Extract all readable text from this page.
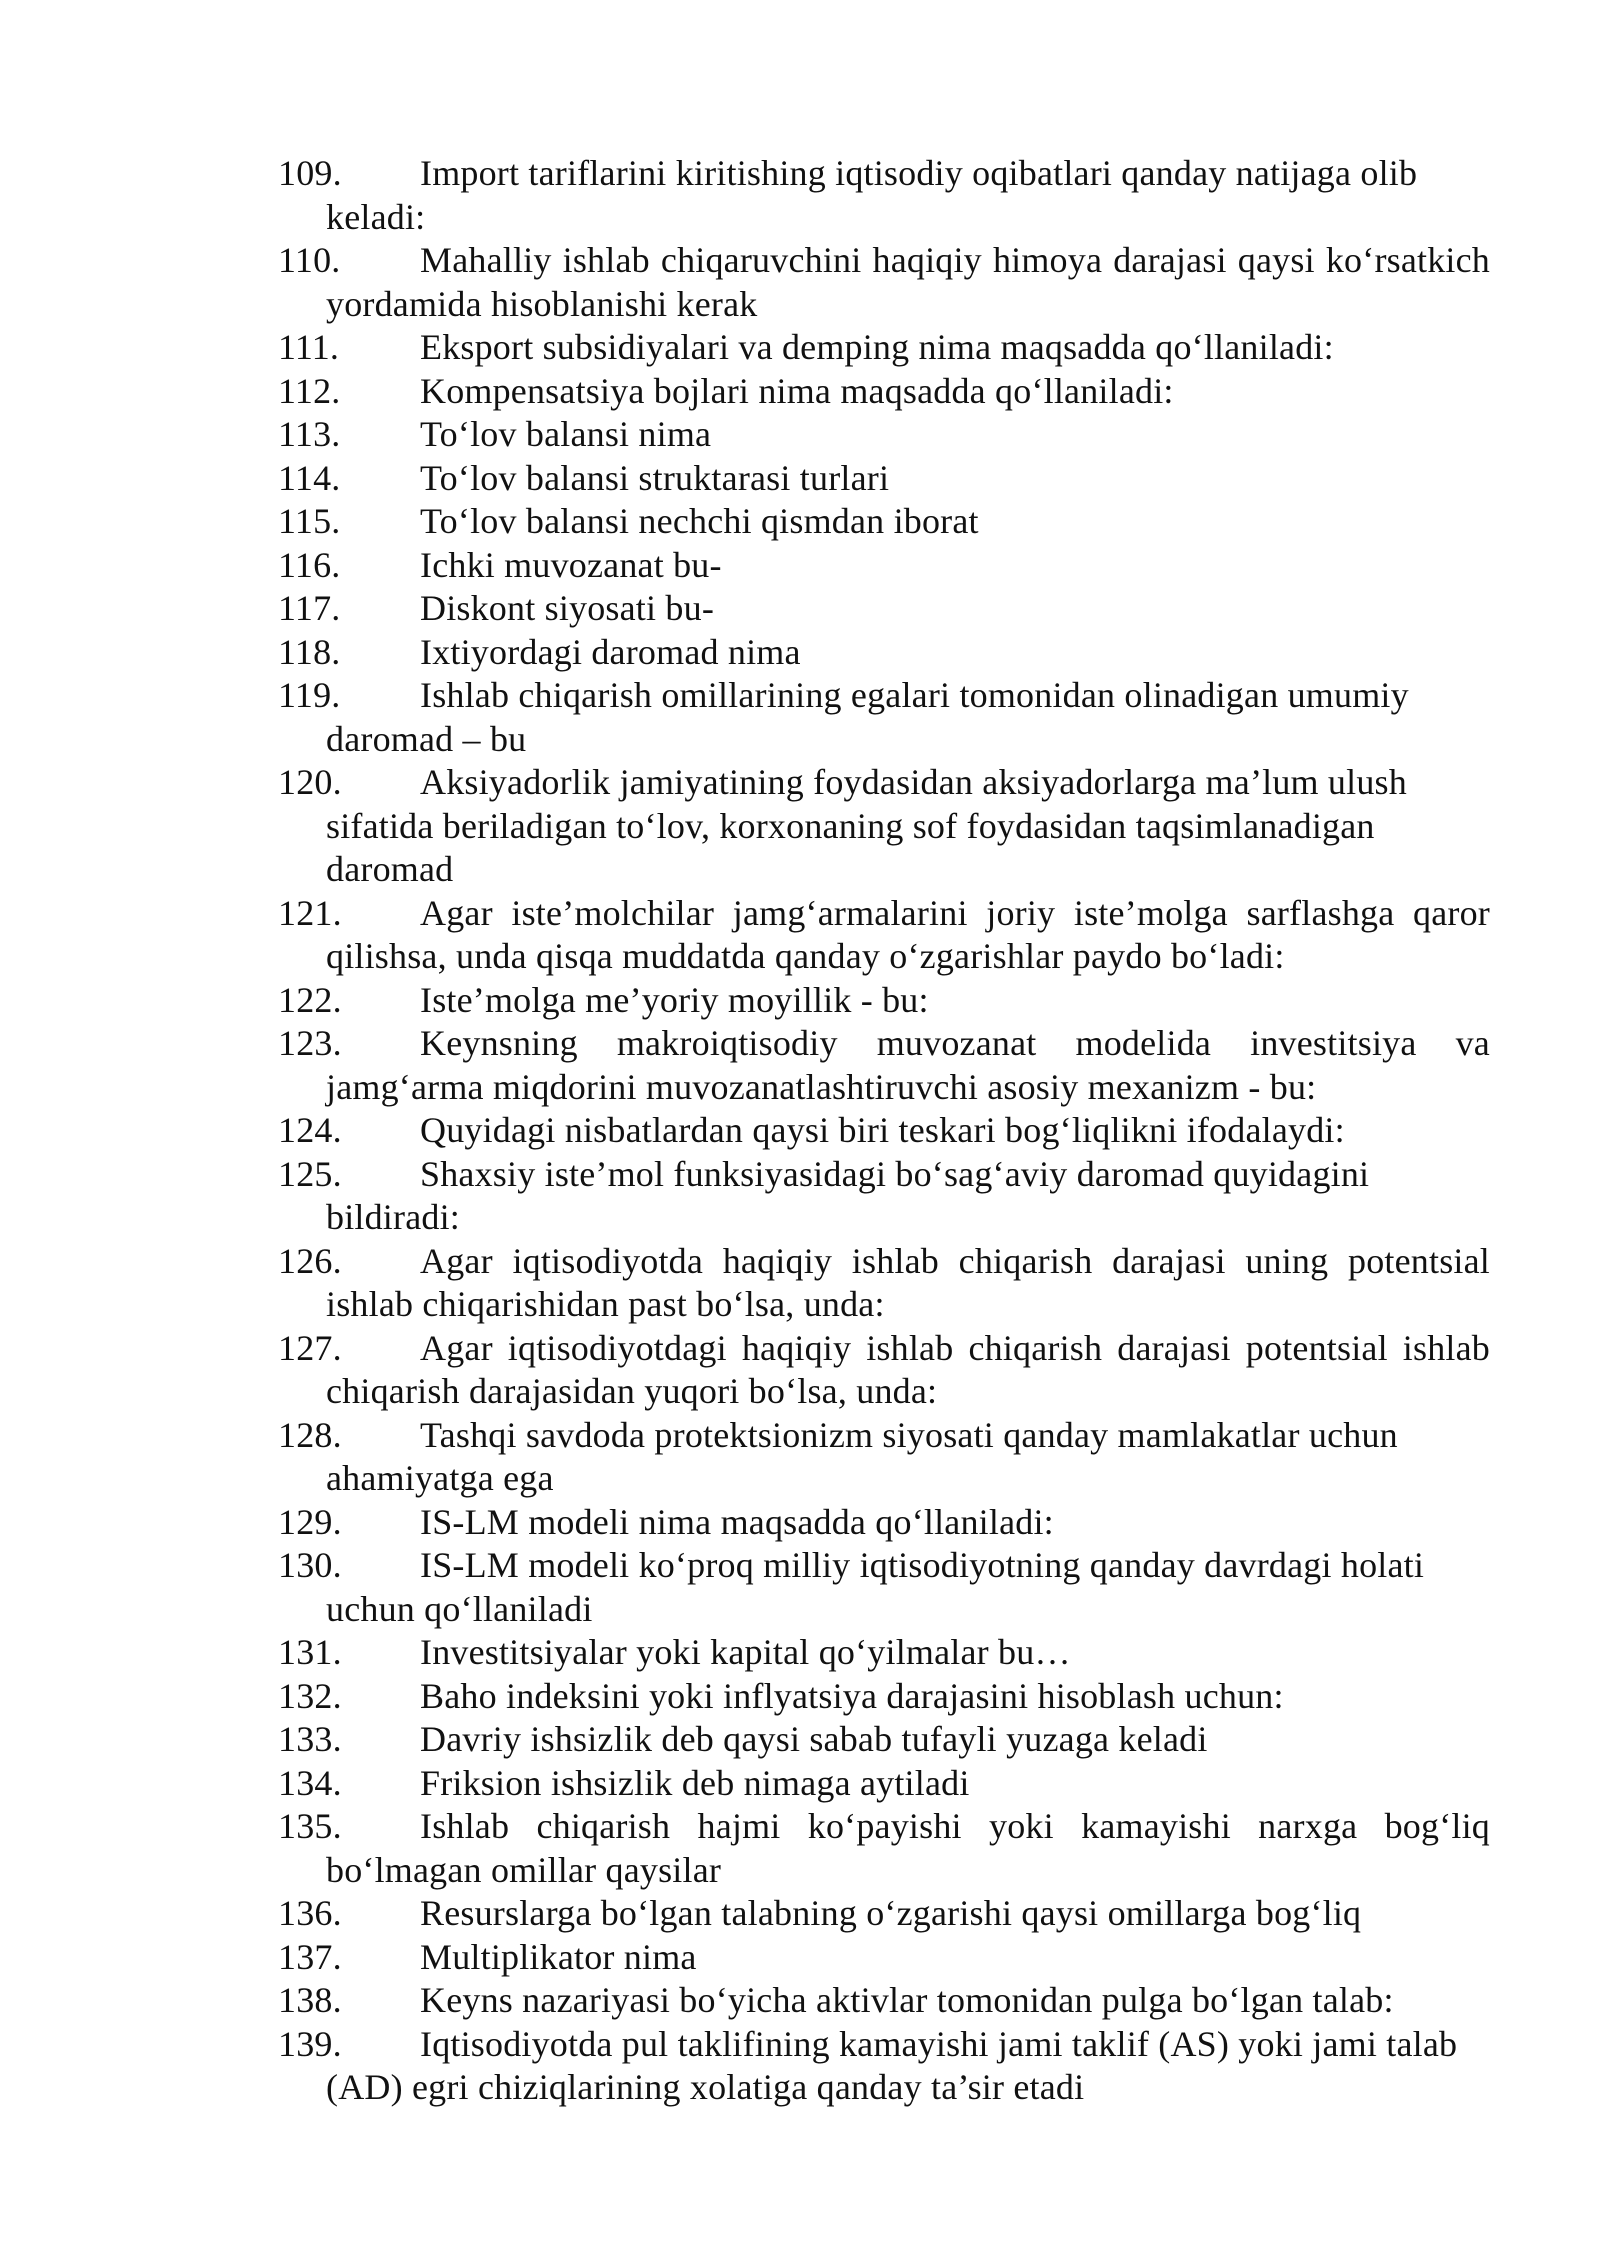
109.	Import tariflarini kiritishing iqtisodiy oqibatlari qanday natijaga olib keladi:
110.	Mahalliy ishlab chiqaruvchini haqiqiy himoya darajasi qaysi ko‘rsatkich yordamida hisoblanishi kerak
111.	Eksport subsidiyalari va demping nima maqsadda qo‘llaniladi:
112.	Kompensatsiya bojlari nima maqsadda qo‘llaniladi:
113.	To‘lov balansi nima
114.	To‘lov balansi struktarasi turlari
115.	To‘lov balansi nechchi qismdan iborat
116.	Ichki muvozanat bu-
117.	Diskont siyosati bu-
118.	Ixtiyordagi daromad nima
119.	Ishlab chiqarish omillarining egalari tomonidan olinadigan umumiy daromad – bu
120.	Aksiyadorlik jamiyatining foydasidan aksiyadorlarga ma’lum ulush sifatida beriladigan to‘lov, korxonaning sof foydasidan taqsimlanadigan daromad
121.	Agar iste’molchilar jamg‘armalarini joriy iste’molga sarflashga qaror qilishsa, unda qisqa muddatda qanday o‘zgarishlar paydo bo‘ladi:
122.	Iste’molga me’yoriy moyillik - bu:
123.	Keynsning makroiqtisodiy muvozanat modelida investitsiya va jamg‘arma miqdorini muvozanatlashtiruvchi asosiy mexanizm - bu:
124.	Quyidagi nisbatlardan qaysi biri teskari bog‘liqlikni ifodalaydi:
125.	Shaxsiy iste’mol funksiyasidagi bo‘sag‘aviy daromad quyidagini bildiradi:
126.	Agar iqtisodiyotda haqiqiy ishlab chiqarish darajasi uning potentsial ishlab chiqarishidan past bo‘lsa, unda:
127.	Agar iqtisodiyotdagi haqiqiy ishlab chiqarish darajasi potentsial ishlab chiqarish darajasidan yuqori bo‘lsa, unda:
128.	Tashqi savdoda protektsionizm siyosati qanday mamlakatlar uchun ahamiyatga ega
129.	IS-LM modeli nima maqsadda qo‘llaniladi:
130.	IS-LM modeli ko‘proq milliy iqtisodiyotning qanday davrdagi holati uchun qo‘llaniladi
131.	Investitsiyalar yoki kapital qo‘yilmalar bu…
132.	Baho indeksini yoki inflyatsiya darajasini hisoblash uchun:
133.	Davriy ishsizlik deb qaysi sabab tufayli yuzaga keladi
134.	Friksion ishsizlik deb nimaga aytiladi
135.	Ishlab chiqarish hajmi ko‘payishi yoki kamayishi narxga bog‘liq bo‘lmagan omillar qaysilar
136.	Resurslarga bo‘lgan talabning o‘zgarishi qaysi omillarga bog‘liq
137.	Multiplikator nima
138.	Keyns nazariyasi bo‘yicha aktivlar tomonidan pulga bo‘lgan talab:
139.	Iqtisodiyotda pul taklifining kamayishi jami taklif (AS) yoki jami talab (AD) egri chiziqlarining xolatiga qanday ta’sir etadi
